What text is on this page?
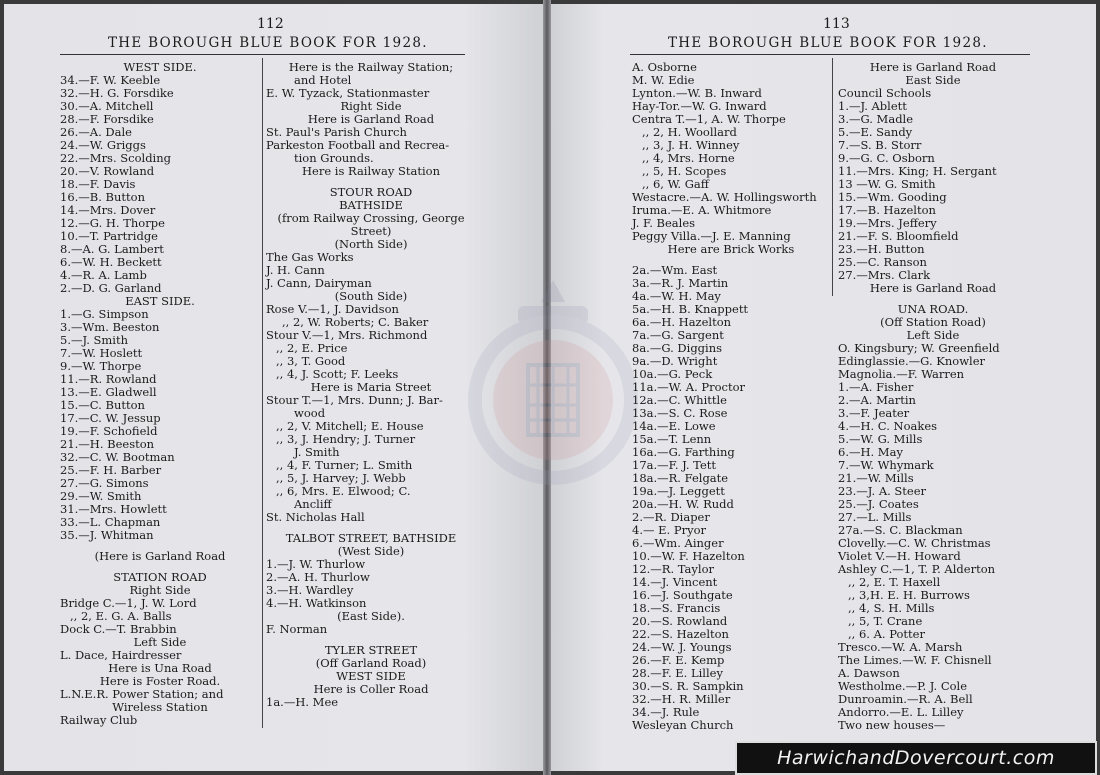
112
THE BOROUGH BLUE BOOK FOR 1928.
113
THE BOROUGH BLUE BOOK FOR 1928.
WEST SIDE.
34.—F. W. Keeble
32.—H. G. Forsdike
30.—A. Mitchell
28.—F. Forsdike
26.—A. Dale
24.—W. Griggs
22.—Mrs. Scolding
20.—V. Rowland
18.—F. Davis
16.—B. Button
14.—Mrs. Dover
12.—G. H. Thorpe
10.—T. Partridge
8.—A. G. Lambert
6.—W. H. Beckett
4.—R. A. Lamb
2.—D. G. Garland
EAST SIDE.
1.—G. Simpson
3.—Wm. Beeston
5.—J. Smith
7.—W. Hoslett
9.—W. Thorpe
11.—R. Rowland
13.—E. Gladwell
15.—C. Button
17.—C. W. Jessup
19.—F. Schofield
21.—H. Beeston
32.—C. W. Bootman
25.—F. H. Barber
27.—G. Simons
29.—W. Smith
31.—Mrs. Howlett
33.—L. Chapman
35.—J. Whitman
(Here is Garland Road
STATION ROAD
Right Side
Bridge C.—1, J. W. Lord
,, 2, E. G. A. Balls
Dock C.—T. Brabbin
Left Side
L. Dace, Hairdresser
Here is Una Road
Here is Foster Road.
L.N.E.R. Power Station; and
Wireless Station
Railway Club
Here is the Railway Station;
and Hotel
E. W. Tyzack, Stationmaster
Right Side
Here is Garland Road
St. Paul's Parish Church
Parkeston Football and Recrea-
tion Grounds.
Here is Railway Station
STOUR ROAD
BATHSIDE
(from Railway Crossing, George
Street)
(North Side)
The Gas Works
J. H. Cann
J. Cann, Dairyman
(South Side)
Rose V.—1, J. Davidson
,, 2, W. Roberts; C. Baker
Stour V.—1, Mrs. Richmond
,, 2, E. Price
,, 3, T. Good
,, 4, J. Scott; F. Leeks
Here is Maria Street
Stour T.—1, Mrs. Dunn; J. Bar-
wood
,, 2, V. Mitchell; E. House
,, 3, J. Hendry; J. Turner
J. Smith
,, 4, F. Turner; L. Smith
,, 5, J. Harvey; J. Webb
,, 6, Mrs. E. Elwood; C.
Ancliff
St. Nicholas Hall
TALBOT STREET, BATHSIDE
(West Side)
1.—J. W. Thurlow
2.—A. H. Thurlow
3.—H. Wardley
4.—H. Watkinson
(East Side).
F. Norman
TYLER STREET
(Off Garland Road)
WEST SIDE
Here is Coller Road
1a.—H. Mee
A. Osborne
M. W. Edie
Lynton.—W. B. Inward
Hay-Tor.—W. G. Inward
Centra T.—1, A. W. Thorpe
,, 2, H. Woollard
,, 3, J. H. Winney
,, 4, Mrs. Horne
,, 5, H. Scopes
,, 6, W. Gaff
Westacre.—A. W. Hollingsworth
Iruma.—E. A. Whitmore
J. F. Beales
Peggy Villa.—J. E. Manning
Here are Brick Works
2a.—Wm. East
3a.—R. J. Martin
4a.—W. H. May
5a.—H. B. Knappett
6a.—H. Hazelton
7a.—G. Sargent
8a.—G. Diggins
9a.—D. Wright
10a.—G. Peck
11a.—W. A. Proctor
12a.—C. Whittle
13a.—S. C. Rose
14a.—E. Lowe
15a.—T. Lenn
16a.—G. Farthing
17a.—F. J. Tett
18a.—R. Felgate
19a.—J. Leggett
20a.—H. W. Rudd
2.—R. Diaper
4.— E. Pryor
6.—Wm. Ainger
10.—W. F. Hazelton
12.—R. Taylor
14.—J. Vincent
16.—J. Southgate
18.—S. Francis
20.—S. Rowland
22.—S. Hazelton
24.—W. J. Youngs
26.—F. E. Kemp
28.—F. E. Lilley
30.—S. R. Sampkin
32.—H. R. Miller
34.—J. Rule
Wesleyan Church
Here is Garland Road
East Side
Council Schools
1.—J. Ablett
3.—G. Madle
5.—E. Sandy
7.—S. B. Storr
9.—G. C. Osborn
11.—Mrs. King; H. Sergant
13 —W. G. Smith
15.—Wm. Gooding
17.—B. Hazelton
19.—Mrs. Jeffery
21.—F. S. Bloomfield
23.—H. Button
25.—C. Ranson
27.—Mrs. Clark
Here is Garland Road
UNA ROAD.
(Off Station Road)
Left Side
O. Kingsbury; W. Greenfield
Edinglassie.—G. Knowler
Magnolia.—F. Warren
1.—A. Fisher
2.—A. Martin
3.—F. Jeater
4.—H. C. Noakes
5.—W. G. Mills
6.—H. May
7.—W. Whymark
21.—W. Mills
23.—J. A. Steer
25.—J. Coates
27.—L. Mills
27a.—S. C. Blackman
Clovelly.—C. W. Christmas
Violet V.—H. Howard
Ashley C.—1, T. P. Alderton
,, 2, E. T. Haxell
,, 3,H. E. H. Burrows
,, 4, S. H. Mills
,, 5, T. Crane
,, 6. A. Potter
Tresco.—W. A. Marsh
The Limes.—W. F. Chisnell
A. Dawson
Westholme.—P. J. Cole
Dunroamin.—R. A. Bell
Andorro.—E. L. Lilley
Two new houses—
HarwichandDovercourt.com
